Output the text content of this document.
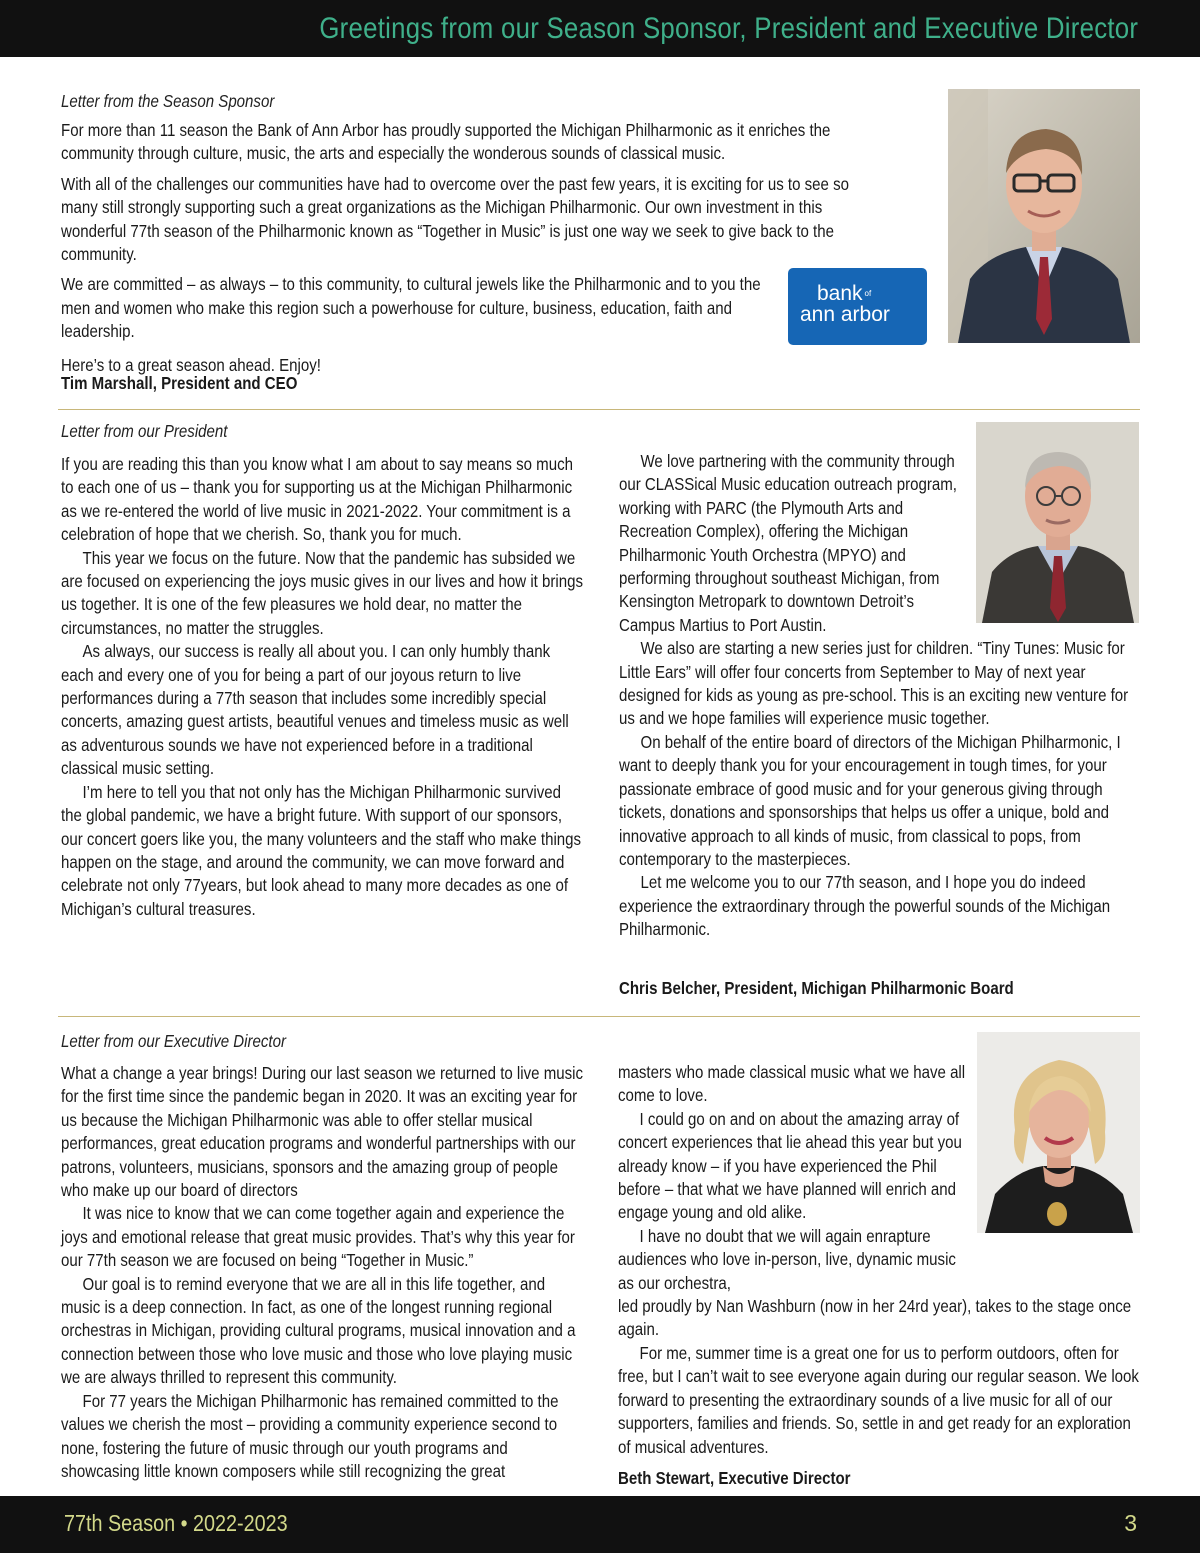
Greetings from our Season Sponsor, President and Executive Director
Letter from the Season Sponsor

For more than 11 season the Bank of Ann Arbor has proudly supported the Michigan Philharmonic as it enriches the community through culture, music, the arts and especially the wonderous sounds of classical music.

With all of the challenges our communities have had to overcome over the past few years, it is exciting for us to see so many still strongly supporting such a great organizations as the Michigan Philharmonic. Our own investment in this wonderful 77th season of the Philharmonic known as “Together in Music” is just one way we seek to give back to the community.

We are committed – as always – to this community, to cultural jewels like the Philharmonic and to you the men and women who make this region such a powerhouse for culture, business, education, faith and leadership.

Here’s to a great season ahead. Enjoy!

Tim Marshall, President and CEO
bank $^{of}$
ann arbor
Letter from our President

If you are reading this than you know what I am about to say means so much to each one of us – thank you for supporting us at the Michigan Philharmonic as we re-entered the world of live music in 2021-2022. Your commitment is a celebration of hope that we cherish. So, thank you for much.

This year we focus on the future. Now that the pandemic has subsided we are focused on experiencing the joys music gives in our lives and how it brings us together. It is one of the few pleasures we hold dear, no matter the circumstances, no matter the struggles.

As always, our success is really all about you. I can only humbly thank each and every one of you for being a part of our joyous return to live performances during a 77th season that includes some incredibly special concerts, amazing guest artists, beautiful venues and timeless music as well as adventurous sounds we have not experienced before in a traditional classical music setting.

I’m here to tell you that not only has the Michigan Philharmonic survived the global pandemic, we have a bright future. With support of our sponsors, our concert goers like you, the many volunteers and the staff who make things happen on the stage, and around the community, we can move forward and celebrate not only 77years, but look ahead to many more decades as one of Michigan’s cultural treasures.

We love partnering with the community through our CLASSical Music education outreach program, working with PARC (the Plymouth Arts and Recreation Complex), offering the Michigan Philharmonic Youth Orchestra (MPYO) and performing throughout southeast Michigan, from Kensington Metropark to downtown Detroit’s Campus Martius to Port Austin.

We also are starting a new series just for children. “Tiny Tunes: Music for Little Ears” will offer four concerts from September to May of next year designed for kids as young as pre-school. This is an exciting new venture for us and we hope families will experience music together.

On behalf of the entire board of directors of the Michigan Philharmonic, I want to deeply thank you for your encouragement in tough times, for your passionate embrace of good music and for your generous giving through tickets, donations and sponsorships that helps us offer a unique, bold and innovative approach to all kinds of music, from classical to pops, from contemporary to the masterpieces.

Let me welcome you to our 77th season, and I hope you do indeed experience the extraordinary through the powerful sounds of the Michigan Philharmonic.

Chris Belcher, President, Michigan Philharmonic Board
Letter from our Executive Director

What a change a year brings! During our last season we returned to live music for the first time since the pandemic began in 2020. It was an exciting year for us because the Michigan Philharmonic was able to offer stellar musical performances, great education programs and wonderful partnerships with our patrons, volunteers, musicians, sponsors and the amazing group of people who make up our board of directors

It was nice to know that we can come together again and experience the joys and emotional release that great music provides. That’s why this year for our 77th season we are focused on being “Together in Music.”

Our goal is to remind everyone that we are all in this life together, and music is a deep connection. In fact, as one of the longest running regional orchestras in Michigan, providing cultural programs, musical innovation and a connection between those who love music and those who love playing music we are always thrilled to represent this community.

For 77 years the Michigan Philharmonic has remained committed to the values we cherish the most – providing a community experience second to none, fostering the future of music through our youth programs and showcasing little known composers while still recognizing the great

masters who made classical music what we have all come to love.

I could go on and on about the amazing array of concert experiences that lie ahead this year but you already know – if you have experienced the Phil before – that what we have planned will enrich and engage young and old alike.

I have no doubt that we will again enrapture audiences who love in-person, live, dynamic music as our orchestra,

led proudly by Nan Washburn (now in her 24rd year), takes to the stage once again.

For me, summer time is a great one for us to perform outdoors, often for free, but I can’t wait to see everyone again during our regular season. We look forward to presenting the extraordinary sounds of a live music for all of our supporters, families and friends. So, settle in and get ready for an exploration of musical adventures.

Beth Stewart, Executive Director
77th Season • 2022-2023	3
